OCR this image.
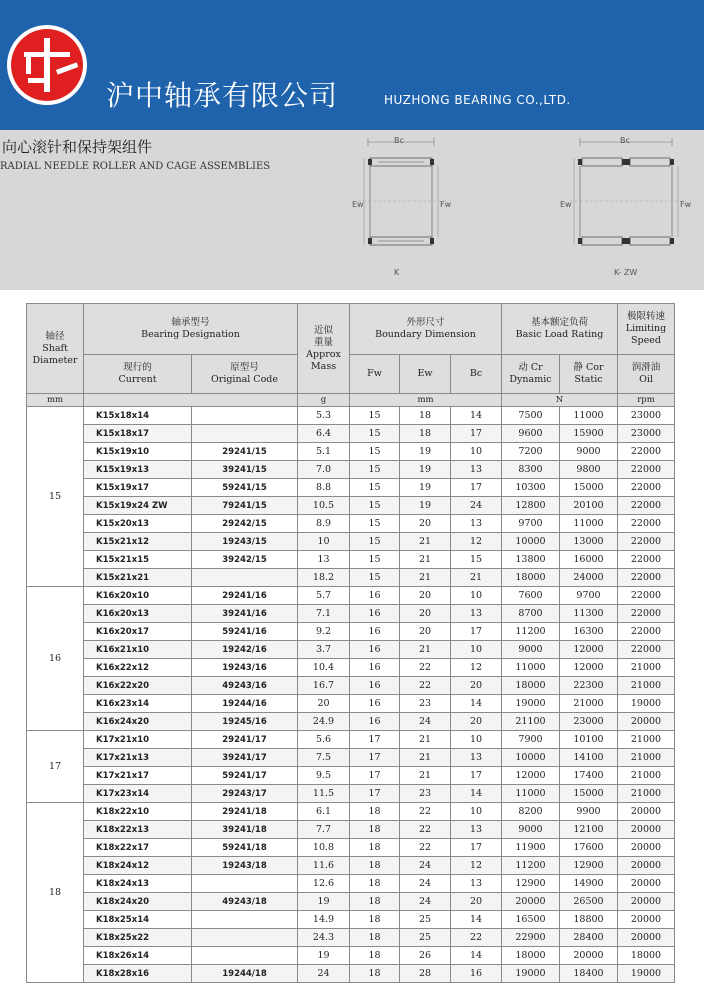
沪中轴承有限公司	HUZHONG BEARING CO.,LTD.
向心滚针和保持架组件
RADIAL NEEDLE ROLLER AND CAGE ASSEMBLIES
Bc
Ew	Fw
K
Bc
Ew	Fw
K- ZW
轴径
Shaft
Diameter	轴承型号
Bearing Designation		近似
重量
Approx
Mass	外形尺寸
Boundary Dimension			基本额定负荷
Basic Load Rating		极限转速
Limiting
Speed

	现行的
Current	原型号
Original Code		Fw	Ew	Bc	动 Cr
Dynamic	静 Cor
Static	润滑油
Oil

mm			g	mm			N		rpm
15	K15x18x14		5.3	15	18	14	7500	11000	23000
	K15x18x17		6.4	15	18	17	9600	15900	23000
	K15x19x10	29241/15	5.1	15	19	10	7200	9000	22000
	K15x19x13	39241/15	7.0	15	19	13	8300	9800	22000
	K15x19x17	59241/15	8.8	15	19	17	10300	15000	22000
	K15x19x24 ZW	79241/15	10.5	15	19	24	12800	20100	22000
	K15x20x13	29242/15	8.9	15	20	13	9700	11000	22000
	K15x21x12	19243/15	10	15	21	12	10000	13000	22000
	K15x21x15	39242/15	13	15	21	15	13800	16000	22000
	K15x21x21		18.2	15	21	21	18000	24000	22000
16	K16x20x10	29241/16	5.7	16	20	10	7600	9700	22000
	K16x20x13	39241/16	7.1	16	20	13	8700	11300	22000
	K16x20x17	59241/16	9.2	16	20	17	11200	16300	22000
	K16x21x10	19242/16	3.7	16	21	10	9000	12000	22000
	K16x22x12	19243/16	10.4	16	22	12	11000	12000	21000
	K16x22x20	49243/16	16.7	16	22	20	18000	22300	21000
	K16x23x14	19244/16	20	16	23	14	19000	21000	19000
	K16x24x20	19245/16	24.9	16	24	20	21100	23000	20000
17	K17x21x10	29241/17	5.6	17	21	10	7900	10100	21000
	K17x21x13	39241/17	7.5	17	21	13	10000	14100	21000
	K17x21x17	59241/17	9.5	17	21	17	12000	17400	21000
	K17x23x14	29243/17	11.5	17	23	14	11000	15000	21000
18	K18x22x10	29241/18	6.1	18	22	10	8200	9900	20000
	K18x22x13	39241/18	7.7	18	22	13	9000	12100	20000
	K18x22x17	59241/18	10.8	18	22	17	11900	17600	20000
	K18x24x12	19243/18	11.6	18	24	12	11200	12900	20000
	K18x24x13		12.6	18	24	13	12900	14900	20000
	K18x24x20	49243/18	19	18	24	20	20000	26500	20000
	K18x25x14		14.9	18	25	14	16500	18800	20000
	K18x25x22		24.3	18	25	22	22900	28400	20000
	K18x26x14		19	18	26	14	18000	20000	18000
	K18x28x16	19244/18	24	18	28	16	19000	18400	19000
